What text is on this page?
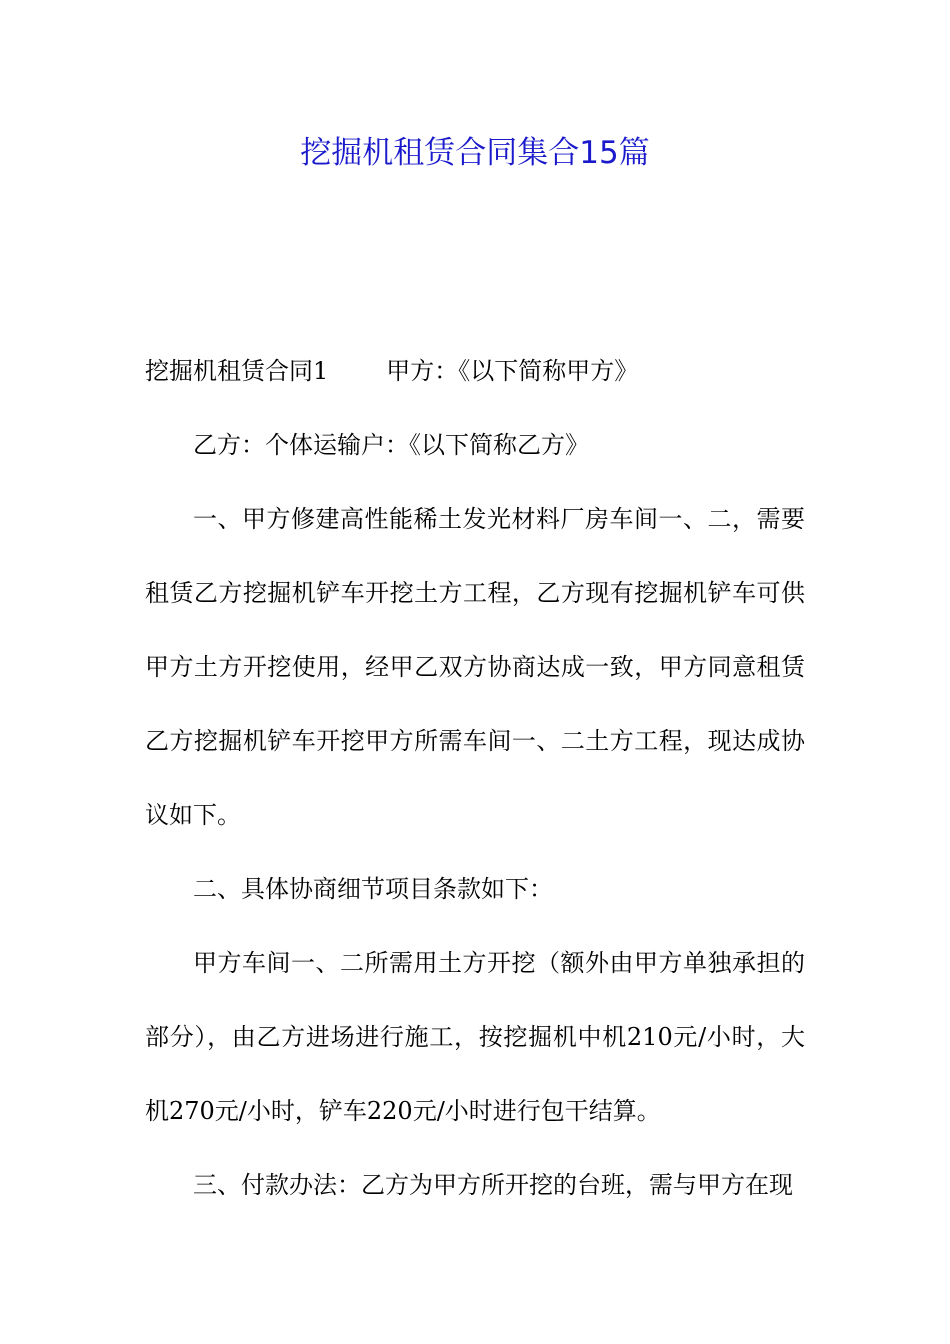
挖掘机租赁合同集合15篇

挖掘机租赁合同1 甲方：《以下简称甲方》

乙方：个体运输户：《以下简称乙方》

一、甲方修建高性能稀土发光材料厂房车间一、二，需要租赁乙方挖掘机铲车开挖土方工程，乙方现有挖掘机铲车可供甲方土方开挖使用，经甲乙双方协商达成一致，甲方同意租赁乙方挖掘机铲车开挖甲方所需车间一、二土方工程，现达成协议如下。

二、具体协商细节项目条款如下：

甲方车间一、二所需用土方开挖（额外由甲方单独承担的部分），由乙方进场进行施工，按挖掘机中机210元/小时，大机270元/小时，铲车220元/小时进行包干结算。

三、付款办法：乙方为甲方所开挖的台班，需与甲方在现
